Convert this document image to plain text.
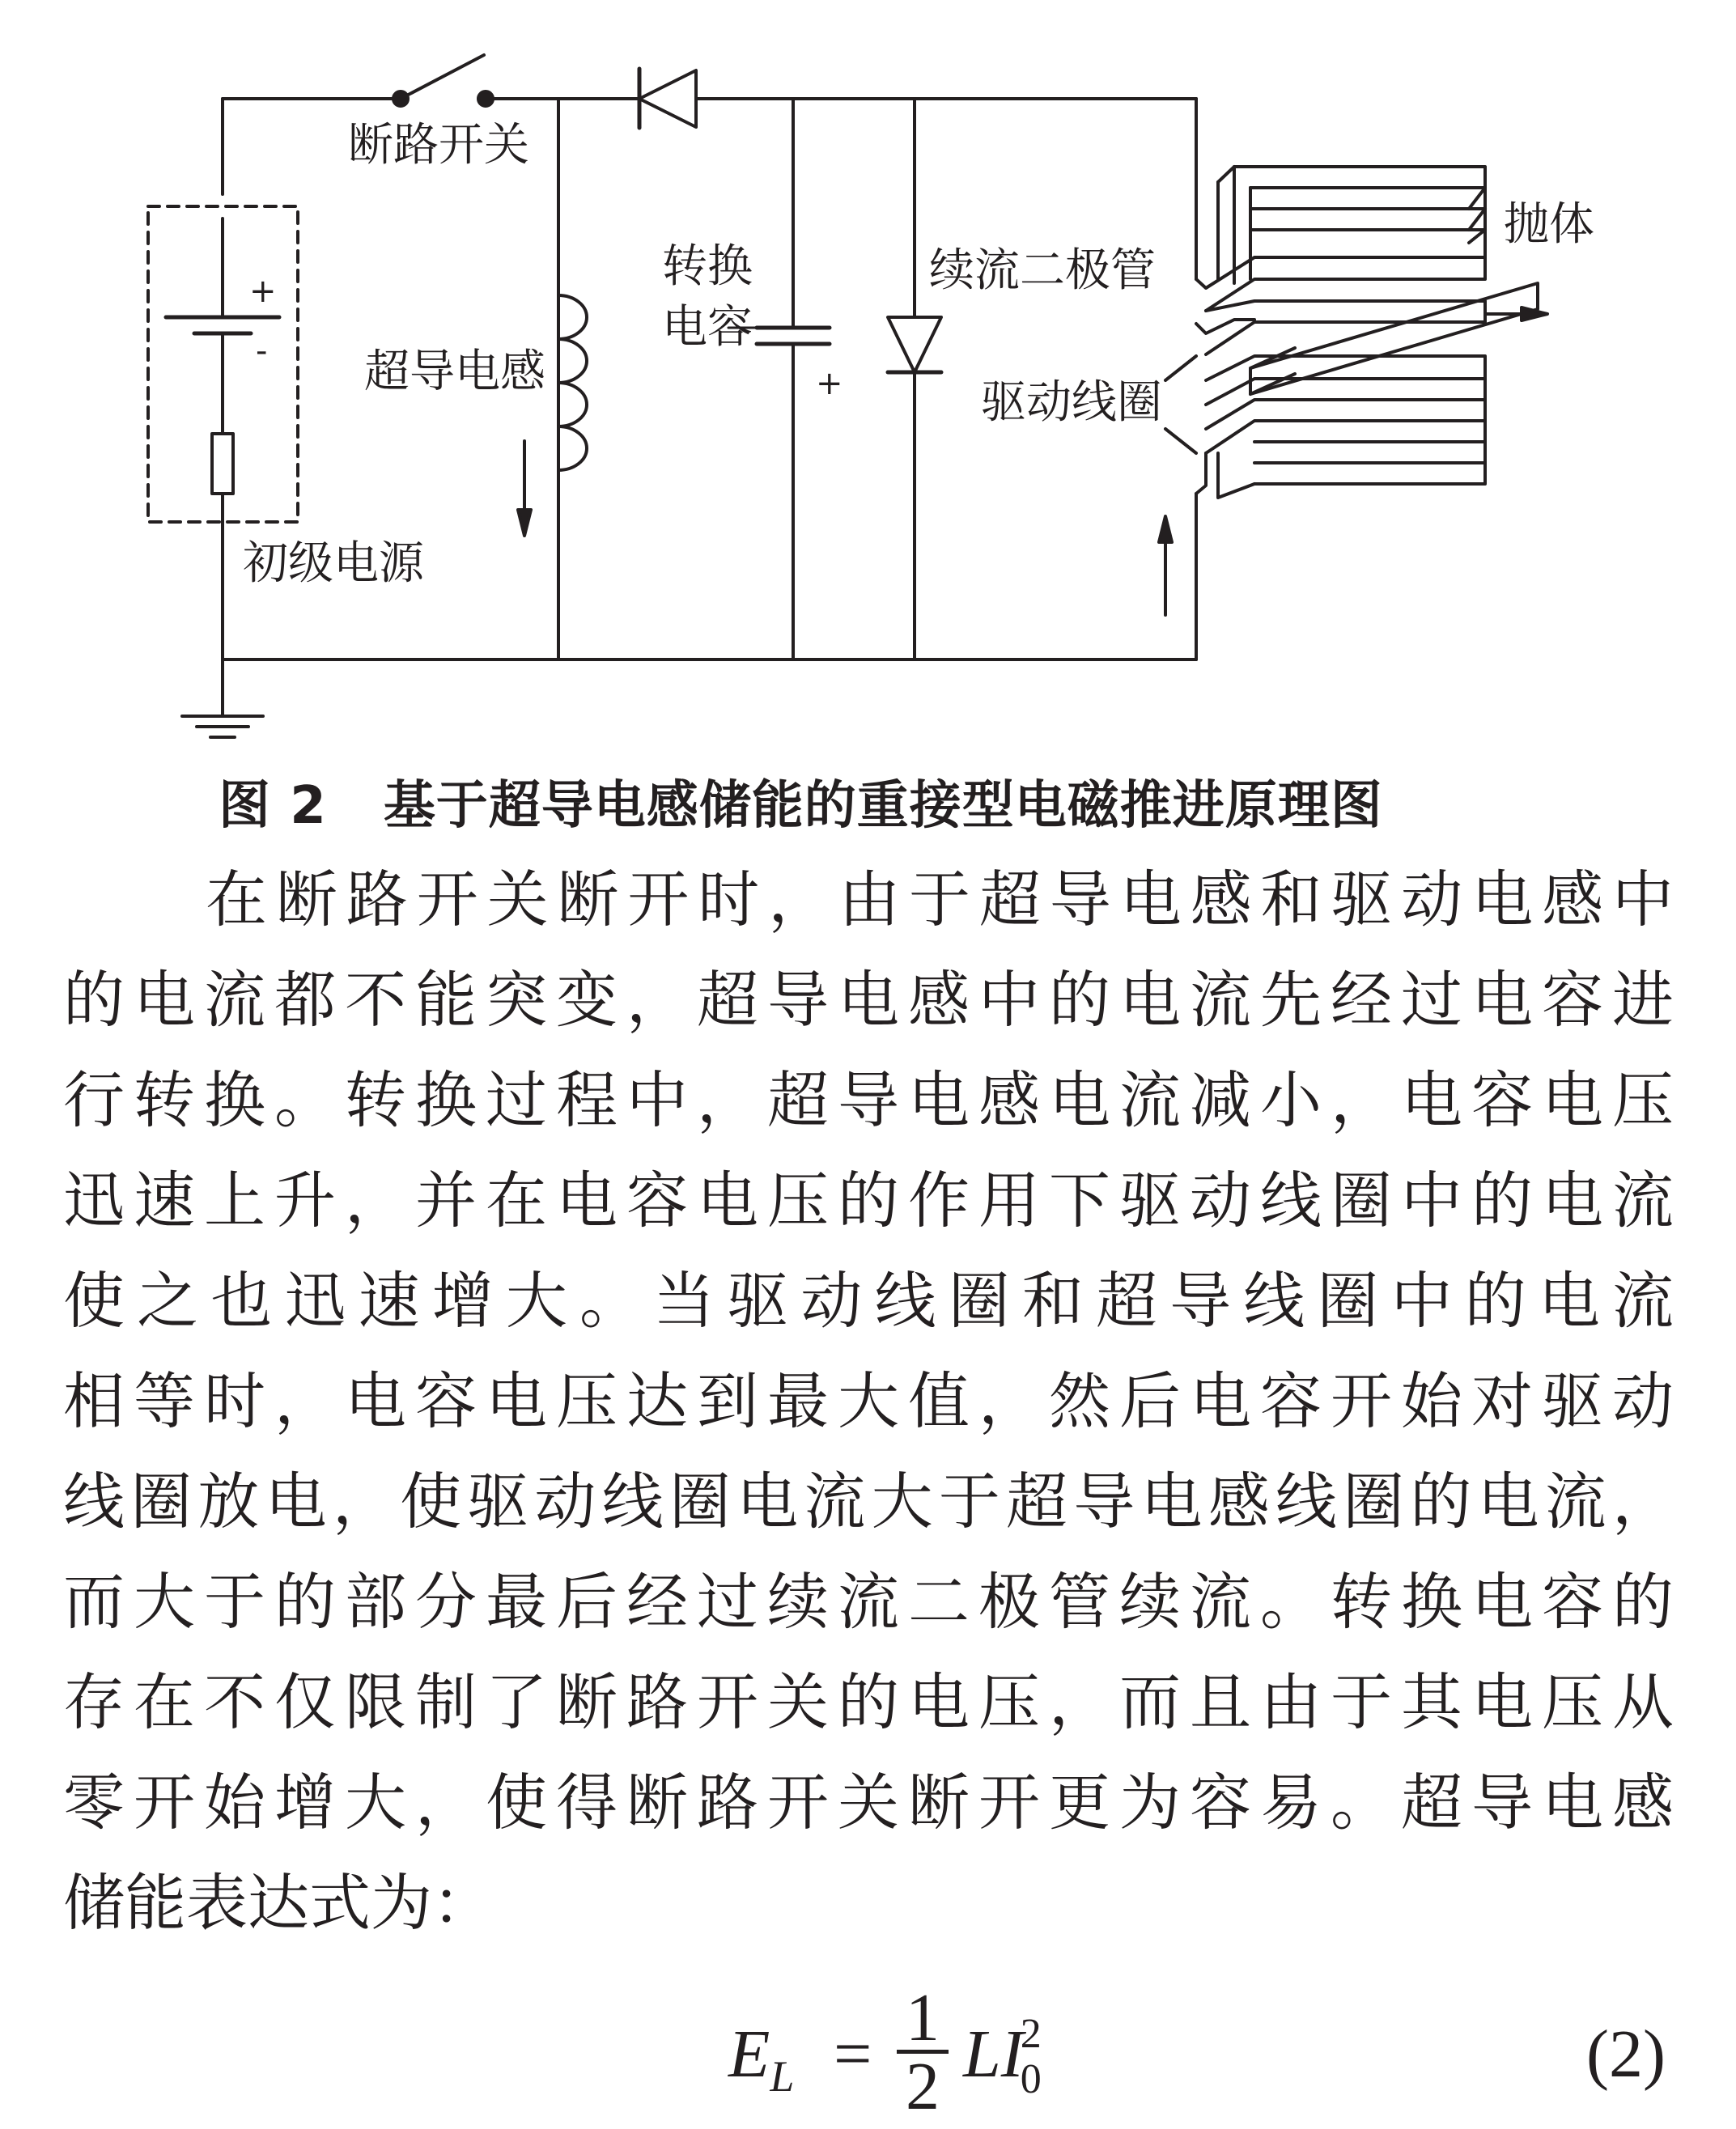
断路开关
初级电源
超导电感
转换
电容
续流二极管
驱动线圈
抛体
+
-
+
图 2 基于超导电感储能的重接型电磁推进原理图
在断路开关断开时，由于超导电感和驱动电感中
的电流都不能突变，超导电感中的电流先经过电容进
行转换。转换过程中，超导电感电流减小，电容电压
迅速上升，并在电容电压的作用下驱动线圈中的电流
使之也迅速增大。当驱动线圈和超导线圈中的电流
相等时，电容电压达到最大值，然后电容开始对驱动
线圈放电，使驱动线圈电流大于超导电感线圈的电流，
而大于的部分最后经过续流二极管续流。转换电容的
存在不仅限制了断路开关的电压，而且由于其电压从
零开始增大，使得断路开关断开更为容易。超导电感
储能表达式为：
$E_L = 1$
2 $LI^2_0$	(2)
